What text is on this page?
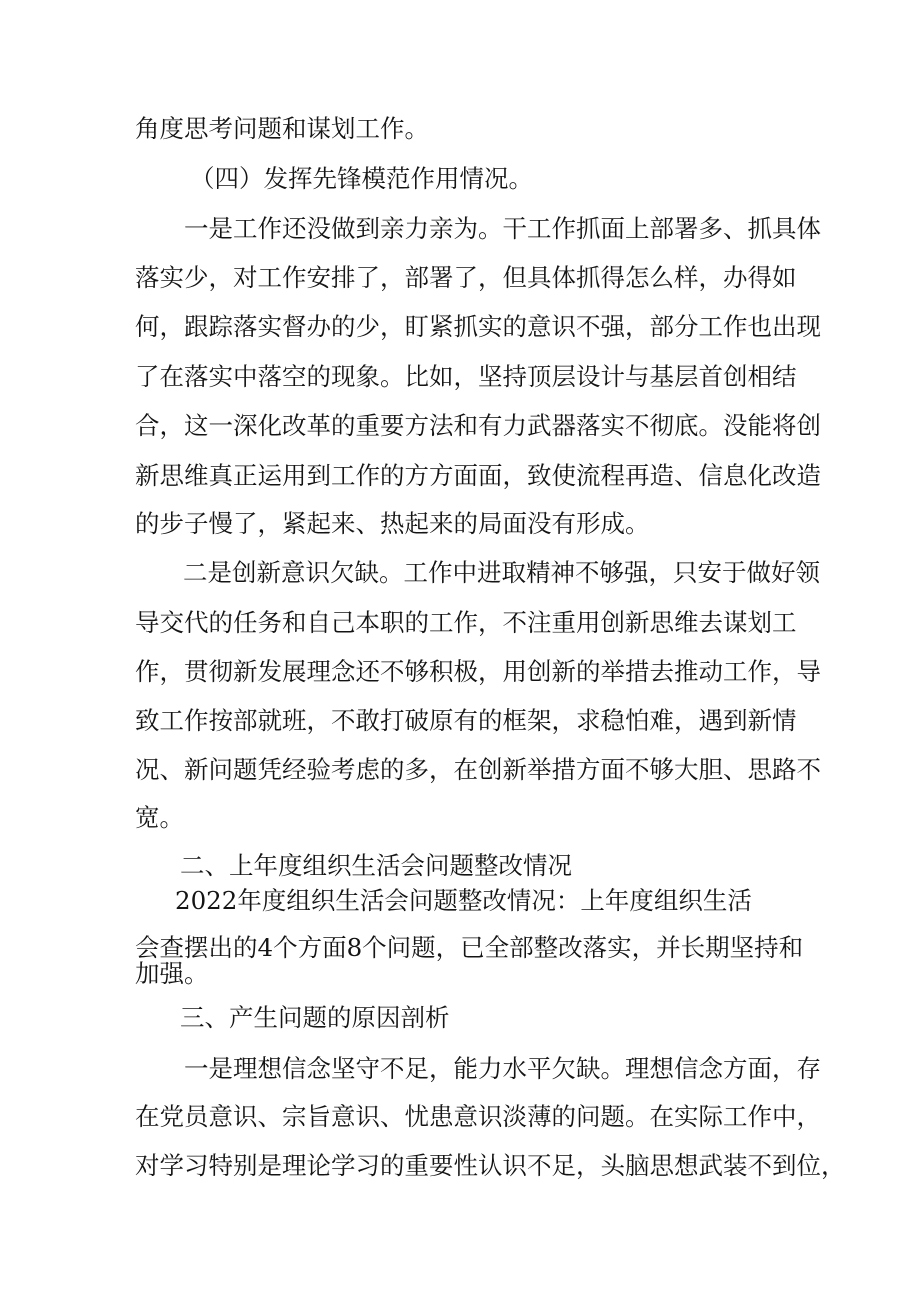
角度思考问题和谋划工作。

（四）发挥先锋模范作用情况。

一是工作还没做到亲力亲为。干工作抓面上部署多、抓具体

落实少，对工作安排了，部署了，但具体抓得怎么样，办得如

何，跟踪落实督办的少，盯紧抓实的意识不强，部分工作也出现

了在落实中落空的现象。比如，坚持顶层设计与基层首创相结

合，这一深化改革的重要方法和有力武器落实不彻底。没能将创

新思维真正运用到工作的方方面面，致使流程再造、信息化改造

的步子慢了，紧起来、热起来的局面没有形成。

二是创新意识欠缺。工作中进取精神不够强，只安于做好领

导交代的任务和自己本职的工作，不注重用创新思维去谋划工

作，贯彻新发展理念还不够积极，用创新的举措去推动工作，导

致工作按部就班，不敢打破原有的框架，求稳怕难，遇到新情

况、新问题凭经验考虑的多，在创新举措方面不够大胆、思路不

宽。

二、上年度组织生活会问题整改情况

2022年度组织生活会问题整改情况：上年度组织生活

会查摆出的4个方面8个问题，已全部整改落实，并长期坚持和

加强。

三、产生问题的原因剖析

一是理想信念坚守不足，能力水平欠缺。理想信念方面，存

在党员意识、宗旨意识、忧患意识淡薄的问题。在实际工作中，

对学习特别是理论学习的重要性认识不足，头脑思想武装不到位，
